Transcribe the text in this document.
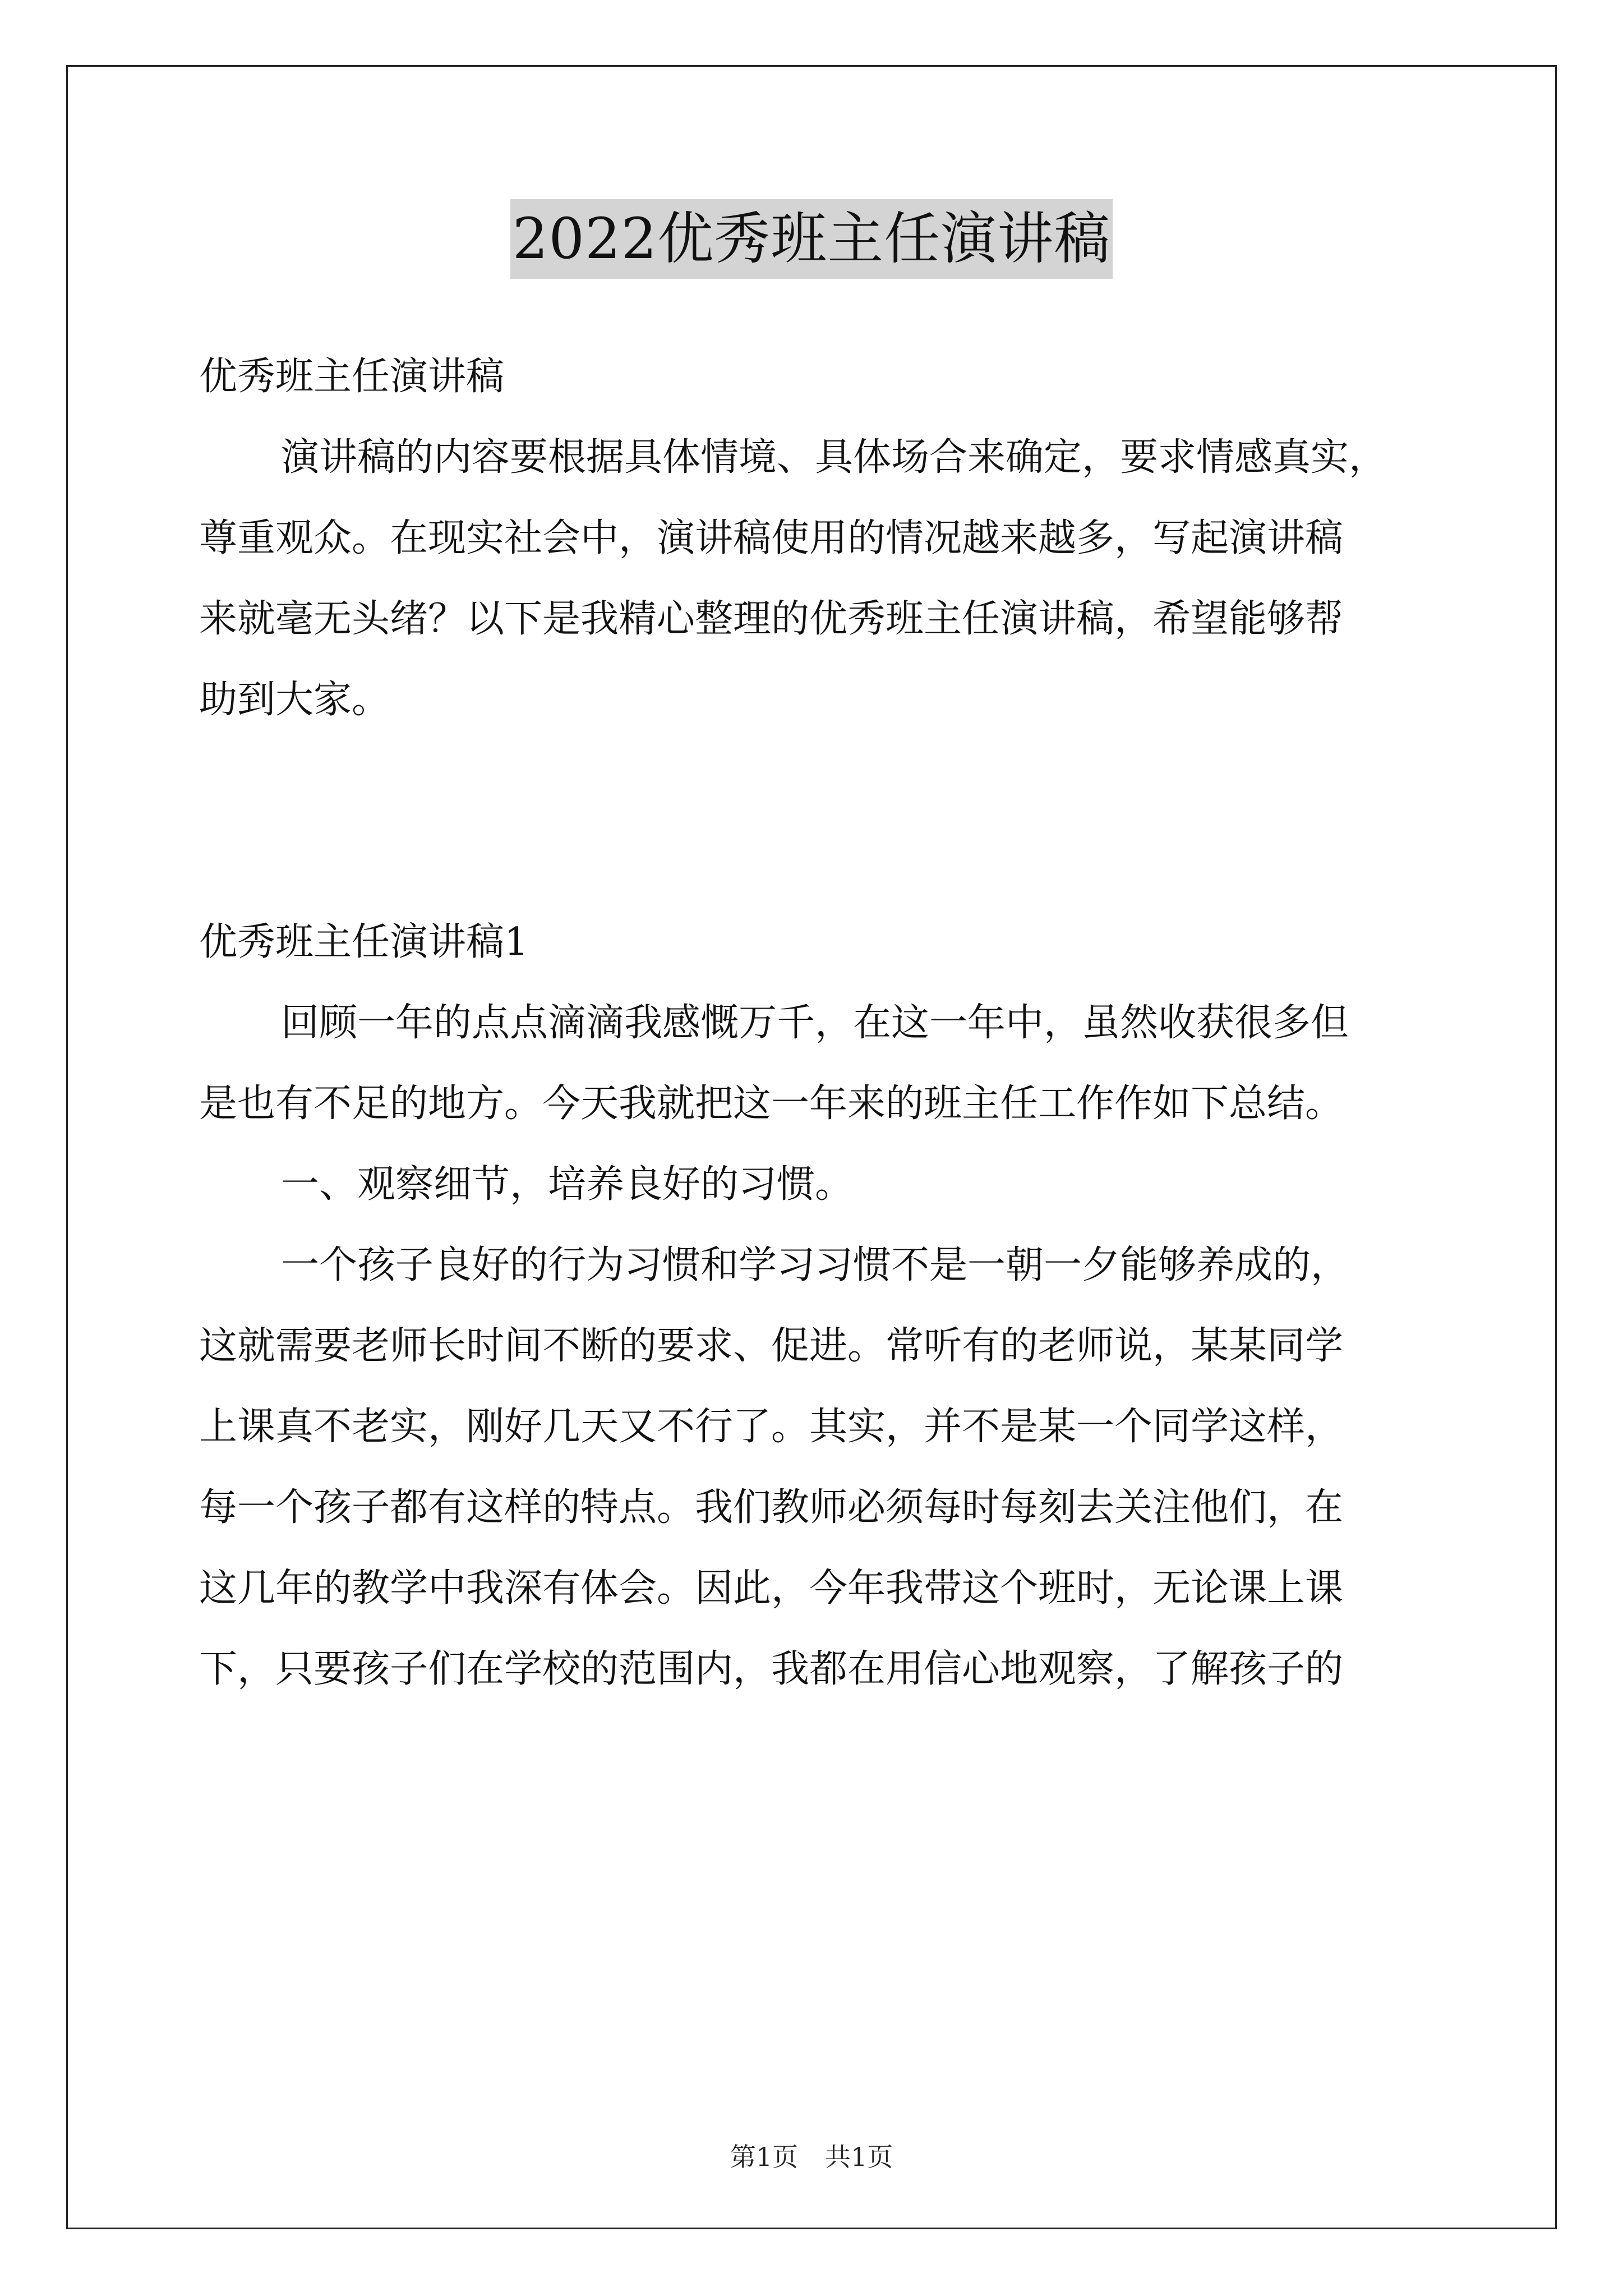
2022优秀班主任演讲稿
优秀班主任演讲稿
演讲稿的内容要根据具体情境、具体场合来确定，要求情感真实，
尊重观众。在现实社会中，演讲稿使用的情况越来越多，写起演讲稿
来就毫无头绪？以下是我精心整理的优秀班主任演讲稿，希望能够帮
助到大家。
优秀班主任演讲稿1
回顾一年的点点滴滴我感慨万千，在这一年中，虽然收获很多但
是也有不足的地方。今天我就把这一年来的班主任工作作如下总结。
一、观察细节，培养良好的习惯。
一个孩子良好的行为习惯和学习习惯不是一朝一夕能够养成的，
这就需要老师长时间不断的要求、促进。常听有的老师说，某某同学
上课真不老实，刚好几天又不行了。其实，并不是某一个同学这样，
每一个孩子都有这样的特点。我们教师必须每时每刻去关注他们，在
这几年的教学中我深有体会。因此，今年我带这个班时，无论课上课
下，只要孩子们在学校的范围内，我都在用信心地观察，了解孩子的
第1页 共1页
